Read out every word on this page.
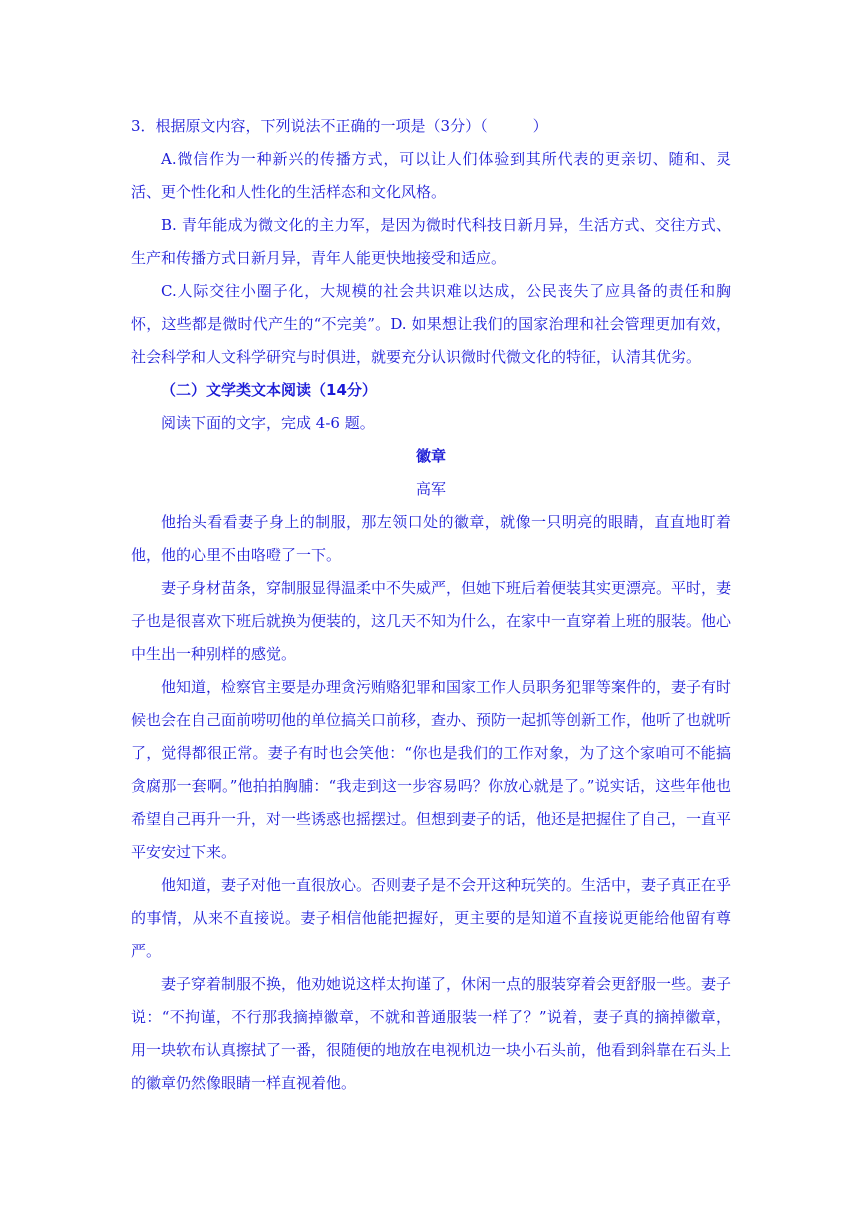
3．根据原文内容，下列说法不正确的一项是（3分）（　　　）

A.微信作为一种新兴的传播方式，可以让人们体验到其所代表的更亲切、随和、灵活、更个性化和人性化的生活样态和文化风格。

B. 青年能成为微文化的主力军，是因为微时代科技日新月异，生活方式、交往方式、生产和传播方式日新月异，青年人能更快地接受和适应。

C.人际交往小圈子化，大规模的社会共识难以达成，公民丧失了应具备的责任和胸怀，这些都是微时代产生的“不完美”。D. 如果想让我们的国家治理和社会管理更加有效，社会科学和人文科学研究与时俱进，就要充分认识微时代微文化的特征，认清其优劣。

（二）文学类文本阅读（14分）

阅读下面的文字，完成 4-6 题。

徽章

高军

他抬头看看妻子身上的制服，那左领口处的徽章，就像一只明亮的眼睛，直直地盯着他，他的心里不由咯噔了一下。

妻子身材苗条，穿制服显得温柔中不失威严，但她下班后着便装其实更漂亮。平时，妻子也是很喜欢下班后就换为便装的，这几天不知为什么，在家中一直穿着上班的服装。他心中生出一种别样的感觉。

他知道，检察官主要是办理贪污贿赂犯罪和国家工作人员职务犯罪等案件的，妻子有时候也会在自己面前唠叨他的单位搞关口前移，查办、预防一起抓等创新工作，他听了也就听了，觉得都很正常。妻子有时也会笑他：“你也是我们的工作对象，为了这个家咱可不能搞贪腐那一套啊。”他拍拍胸脯：“我走到这一步容易吗？你放心就是了。”说实话，这些年他也希望自己再升一升，对一些诱惑也摇摆过。但想到妻子的话，他还是把握住了自己，一直平平安安过下来。

他知道，妻子对他一直很放心。否则妻子是不会开这种玩笑的。生活中，妻子真正在乎的事情，从来不直接说。妻子相信他能把握好，更主要的是知道不直接说更能给他留有尊严。

妻子穿着制服不换，他劝她说这样太拘谨了，休闲一点的服装穿着会更舒服一些。妻子说：“不拘谨，不行那我摘掉徽章，不就和普通服装一样了？”说着，妻子真的摘掉徽章，用一块软布认真擦拭了一番，很随便的地放在电视机边一块小石头前，他看到斜靠在石头上的徽章仍然像眼睛一样直视着他。
